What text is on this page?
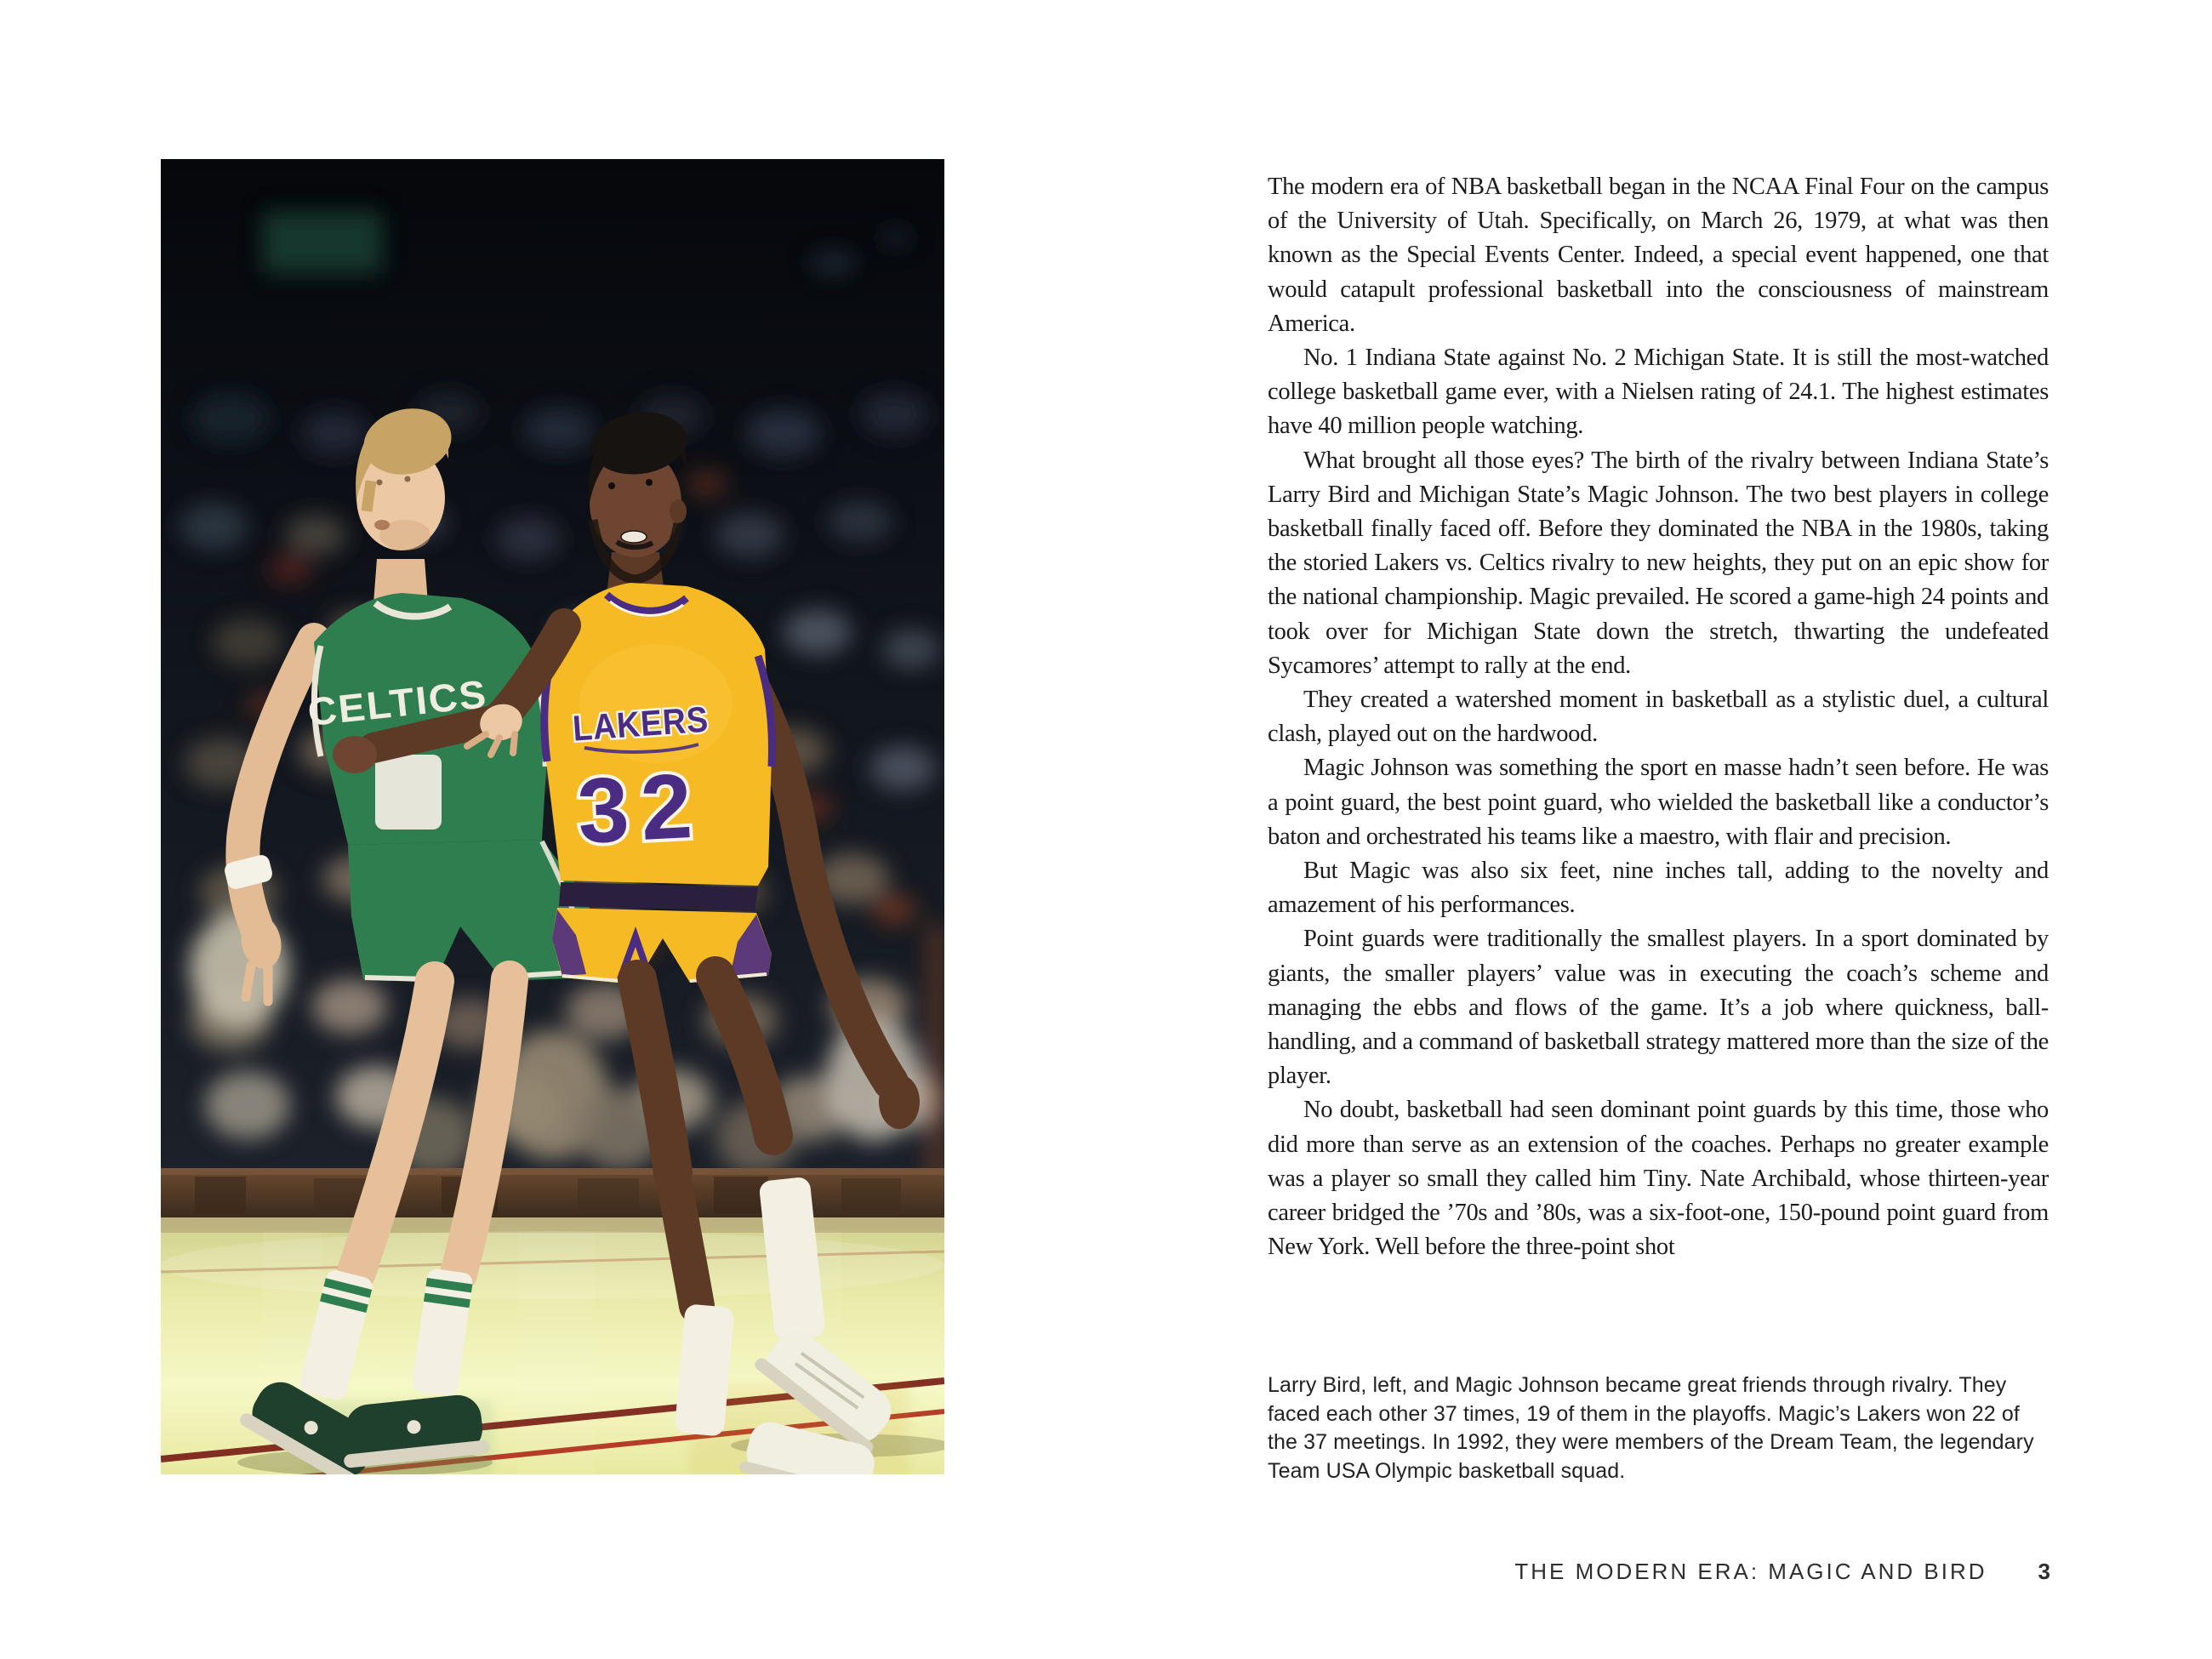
CELTICS LAKERS
32

The modern era of NBA basketball began in the NCAA Final Four on the campus of the University of Utah. Specifically, on March 26, 1979, at what was then known as the Special Events Center. Indeed, a special event happened, one that would catapult professional basketball into the consciousness of mainstream America.

No. 1 Indiana State against No. 2 Michigan State. It is still the most-watched college basketball game ever, with a Nielsen rating of 24.1. The highest estimates have 40 million people watching.

What brought all those eyes? The birth of the rivalry between Indiana State’s Larry Bird and Michigan State’s Magic Johnson. The two best players in college basketball finally faced off. Before they dominated the NBA in the 1980s, taking the storied Lakers vs. Celtics rivalry to new heights, they put on an epic show for the national championship. Magic prevailed. He scored a game-high 24 points and took over for Michigan State down the stretch, thwarting the undefeated Sycamores’ attempt to rally at the end.

They created a watershed moment in basketball as a stylistic duel, a cultural clash, played out on the hardwood.

Magic Johnson was something the sport en masse hadn’t seen before. He was a point guard, the best point guard, who wielded the basketball like a conductor’s baton and orchestrated his teams like a maestro, with flair and precision.

But Magic was also six feet, nine inches tall, adding to the novelty and amazement of his performances.

Point guards were traditionally the smallest players. In a sport dominated by giants, the smaller players’ value was in executing the coach’s scheme and managing the ebbs and flows of the game. It’s a job where quickness, ball-handling, and a command of basketball strategy mattered more than the size of the player.

No doubt, basketball had seen dominant point guards by this time, those who did more than serve as an extension of the coaches. Perhaps no greater example was a player so small they called him Tiny. Nate Archibald, whose thirteen-year career bridged the ’70s and ’80s, was a six-foot-one, 150-pound point guard from New York. Well before the three-point shot

Larry Bird, left, and Magic Johnson became great friends through rivalry. They faced each other 37 times, 19 of them in the playoffs. Magic’s Lakers won 22 of the 37 meetings. In 1992, they were members of the Dream Team, the legendary Team USA Olympic basketball squad.

THE MODERN ERA: MAGIC AND BIRD 3
